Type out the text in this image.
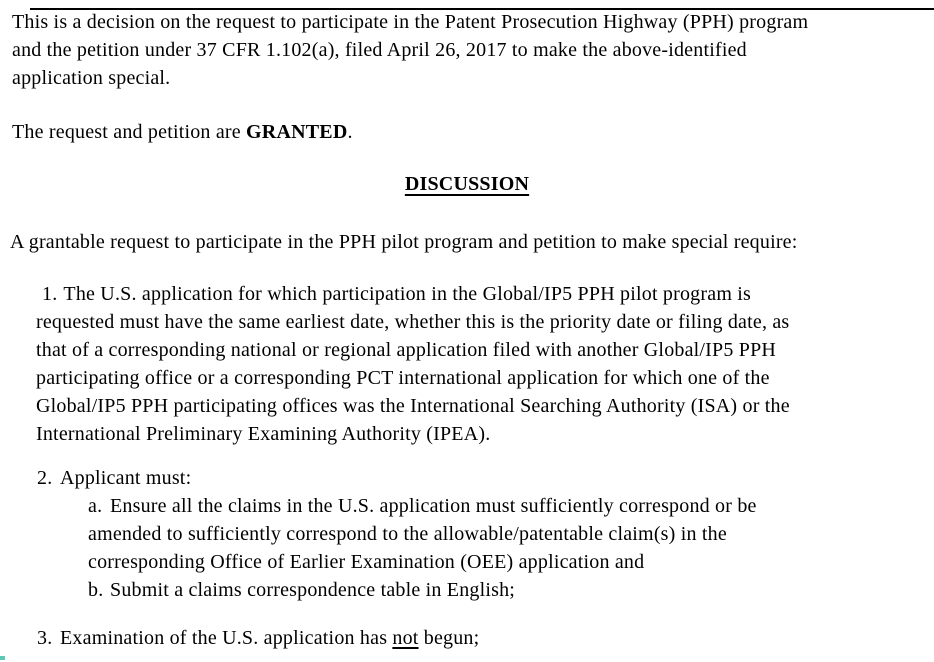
This is a decision on the request to participate in the Patent Prosecution Highway (PPH) program
and the petition under 37 CFR 1.102(a), filed April 26, 2017 to make the above-identified
application special.
The request and petition are GRANTED.
DISCUSSION
A grantable request to participate in the PPH pilot program and petition to make special require:
1. The U.S. application for which participation in the Global/IP5 PPH pilot program is
requested must have the same earliest date, whether this is the priority date or filing date, as
that of a corresponding national or regional application filed with another Global/IP5 PPH
participating office or a corresponding PCT international application for which one of the
Global/IP5 PPH participating offices was the International Searching Authority (ISA) or the
International Preliminary Examining Authority (IPEA).
2. Applicant must:
a. Ensure all the claims in the U.S. application must sufficiently correspond or be
amended to sufficiently correspond to the allowable/patentable claim(s) in the
corresponding Office of Earlier Examination (OEE) application and
b. Submit a claims correspondence table in English;
3. Examination of the U.S. application has not begun;
